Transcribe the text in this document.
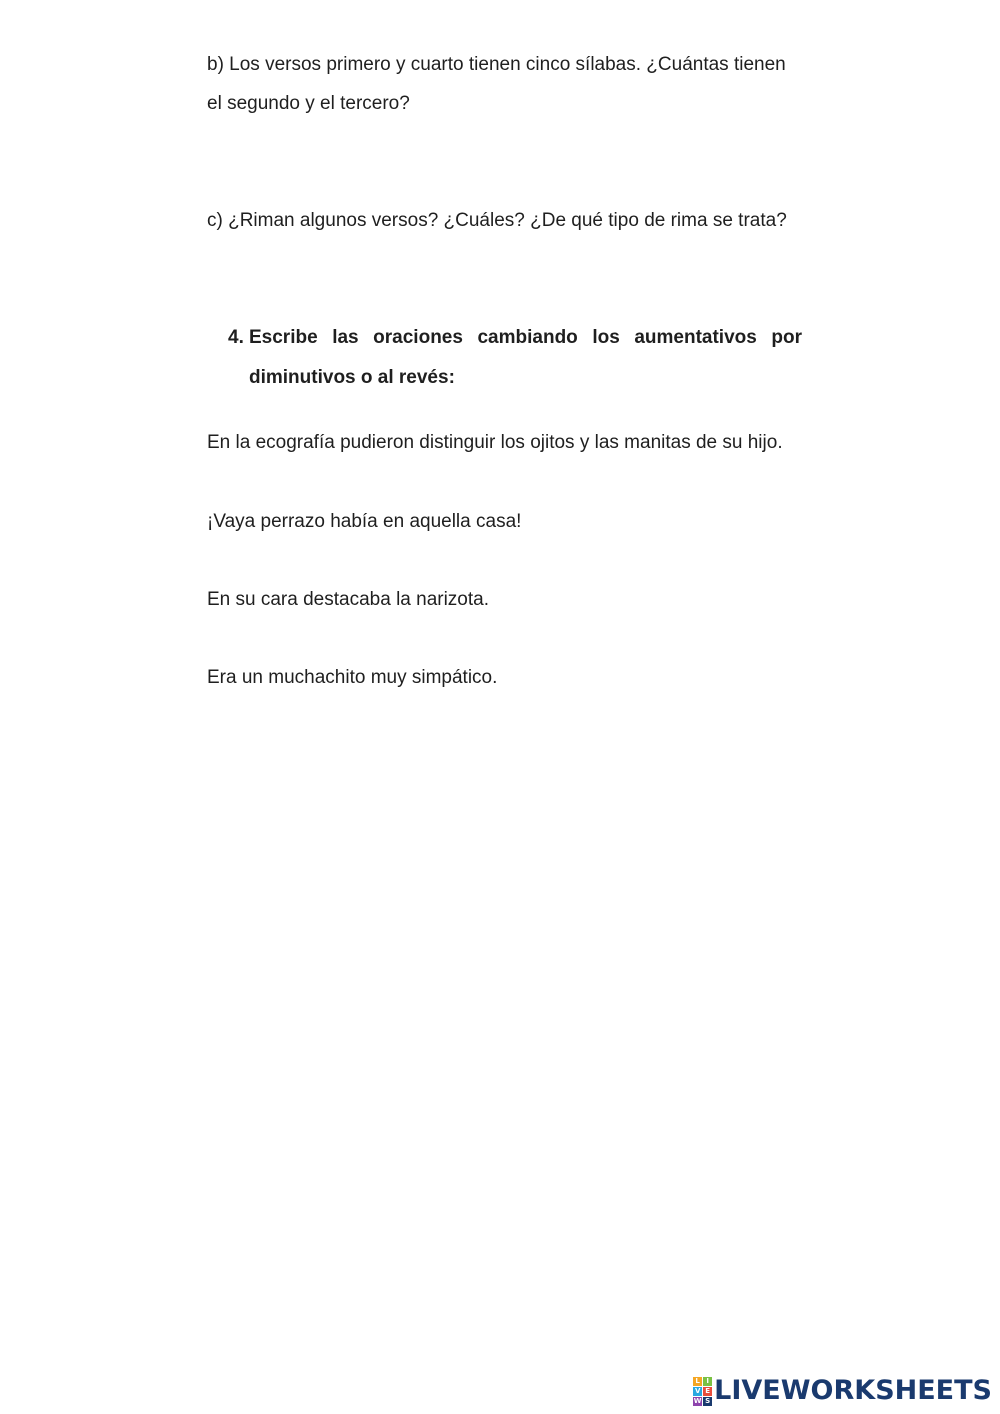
b) Los versos primero y cuarto tienen cinco sílabas. ¿Cuántas tienen

el segundo y el tercero?

c) ¿Riman algunos versos? ¿Cuáles? ¿De qué tipo de rima se trata?

4. Escribe las oraciones cambiando los aumentativos por
diminutivos o al revés:

En la ecografía pudieron distinguir los ojitos y las manitas de su hijo.

¡Vaya perrazo había en aquella casa!

En su cara destacaba la narizota.

Era un muchachito muy simpático.

L I
V E
W S LIVEWORKSHEETS
